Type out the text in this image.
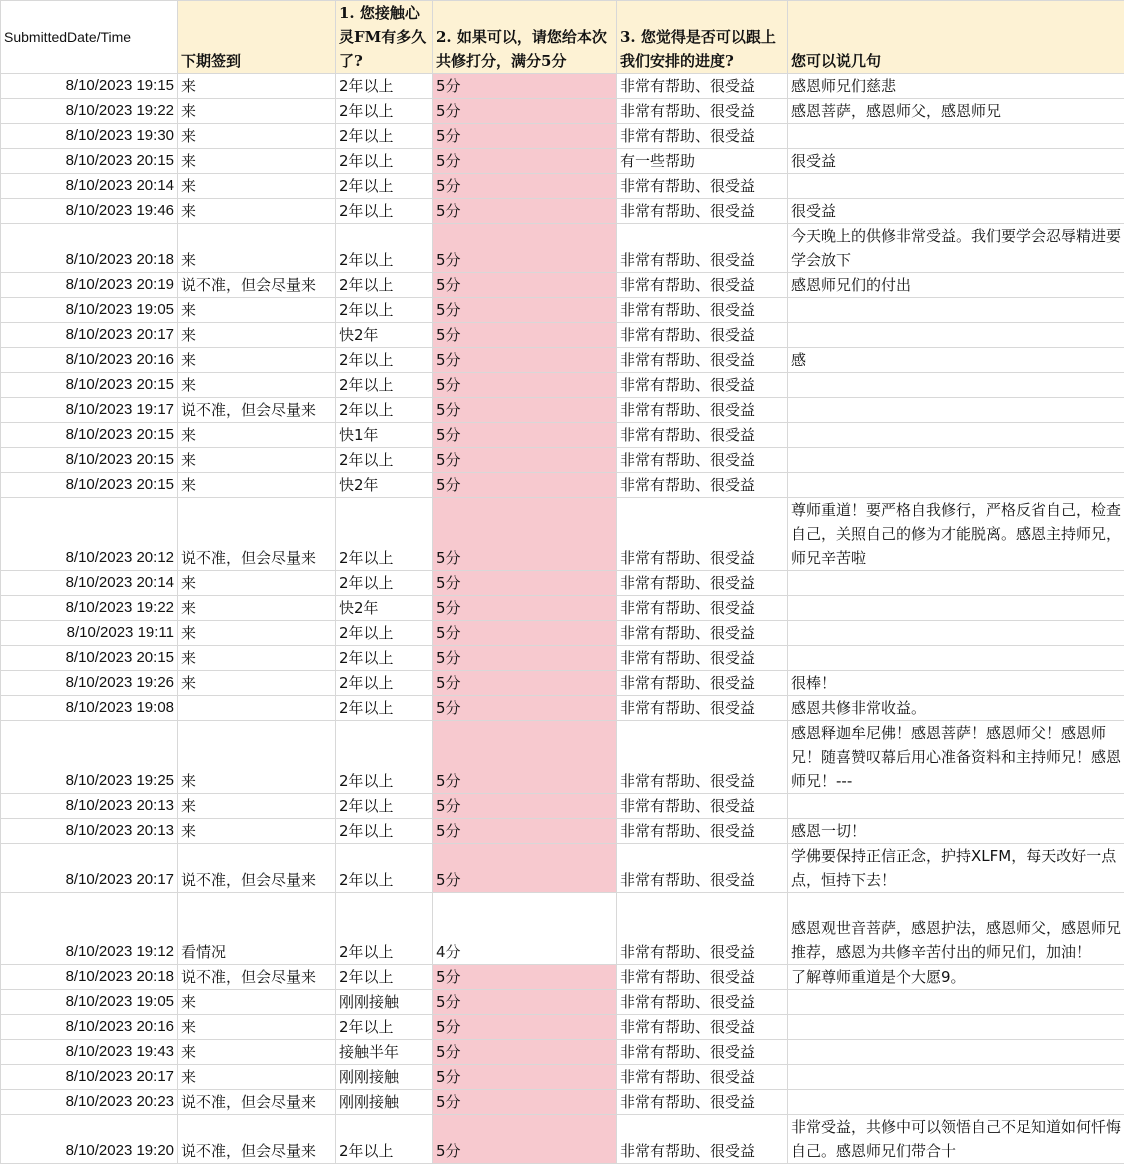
SubmittedDate/Time	下期签到	1. 您接触心灵FM有多久了?	2. 如果可以，请您给本次共修打分，满分5分	3. 您觉得是否可以跟上我们安排的进度?	您可以说几句
8/10/2023 19:15	来	2年以上	5分	非常有帮助、很受益	感恩师兄们慈悲
8/10/2023 19:22	来	2年以上	5分	非常有帮助、很受益	感恩菩萨，感恩师父，感恩师兄
8/10/2023 19:30	来	2年以上	5分	非常有帮助、很受益	
8/10/2023 20:15	来	2年以上	5分	有一些帮助	很受益
8/10/2023 20:14	来	2年以上	5分	非常有帮助、很受益	
8/10/2023 19:46	来	2年以上	5分	非常有帮助、很受益	很受益
8/10/2023 20:18	来	2年以上	5分	非常有帮助、很受益	今天晚上的供修非常受益。我们要学会忍辱精进要学会放下
8/10/2023 20:19	说不准，但会尽量来	2年以上	5分	非常有帮助、很受益	感恩师兄们的付出
8/10/2023 19:05	来	2年以上	5分	非常有帮助、很受益	
8/10/2023 20:17	来	快2年	5分	非常有帮助、很受益	
8/10/2023 20:16	来	2年以上	5分	非常有帮助、很受益	感
8/10/2023 20:15	来	2年以上	5分	非常有帮助、很受益	
8/10/2023 19:17	说不准，但会尽量来	2年以上	5分	非常有帮助、很受益	
8/10/2023 20:15	来	快1年	5分	非常有帮助、很受益	
8/10/2023 20:15	来	2年以上	5分	非常有帮助、很受益	
8/10/2023 20:15	来	快2年	5分	非常有帮助、很受益	
8/10/2023 20:12	说不准，但会尽量来	2年以上	5分	非常有帮助、很受益	尊师重道！要严格自我修行，严格反省自己，检查自己，关照自己的修为才能脱离。感恩主持师兄，师兄辛苦啦
8/10/2023 20:14	来	2年以上	5分	非常有帮助、很受益	
8/10/2023 19:22	来	快2年	5分	非常有帮助、很受益	
8/10/2023 19:11	来	2年以上	5分	非常有帮助、很受益	
8/10/2023 20:15	来	2年以上	5分	非常有帮助、很受益	
8/10/2023 19:26	来	2年以上	5分	非常有帮助、很受益	很棒！
8/10/2023 19:08		2年以上	5分	非常有帮助、很受益	感恩共修非常收益。
8/10/2023 19:25	来	2年以上	5分	非常有帮助、很受益	感恩释迦牟尼佛！感恩菩萨！感恩师父！感恩师兄！随喜赞叹幕后用心准备资料和主持师兄！感恩师兄！---
8/10/2023 20:13	来	2年以上	5分	非常有帮助、很受益	
8/10/2023 20:13	来	2年以上	5分	非常有帮助、很受益	感恩一切！
8/10/2023 20:17	说不准，但会尽量来	2年以上	5分	非常有帮助、很受益	学佛要保持正信正念，护持XLFM，每天改好一点点，恒持下去！
8/10/2023 19:12	看情况	2年以上	4分	非常有帮助、很受益	感恩观世音菩萨，感恩护法，感恩师父，感恩师兄推荐，感恩为共修辛苦付出的师兄们，加油！
8/10/2023 20:18	说不准，但会尽量来	2年以上	5分	非常有帮助、很受益	了解尊师重道是个大愿9。
8/10/2023 19:05	来	刚刚接触	5分	非常有帮助、很受益	
8/10/2023 20:16	来	2年以上	5分	非常有帮助、很受益	
8/10/2023 19:43	来	接触半年	5分	非常有帮助、很受益	
8/10/2023 20:17	来	刚刚接触	5分	非常有帮助、很受益	
8/10/2023 20:23	说不准，但会尽量来	刚刚接触	5分	非常有帮助、很受益	
8/10/2023 19:20	说不准，但会尽量来	2年以上	5分	非常有帮助、很受益	非常受益，共修中可以领悟自己不足知道如何忏悔自己。感恩师兄们带合十
